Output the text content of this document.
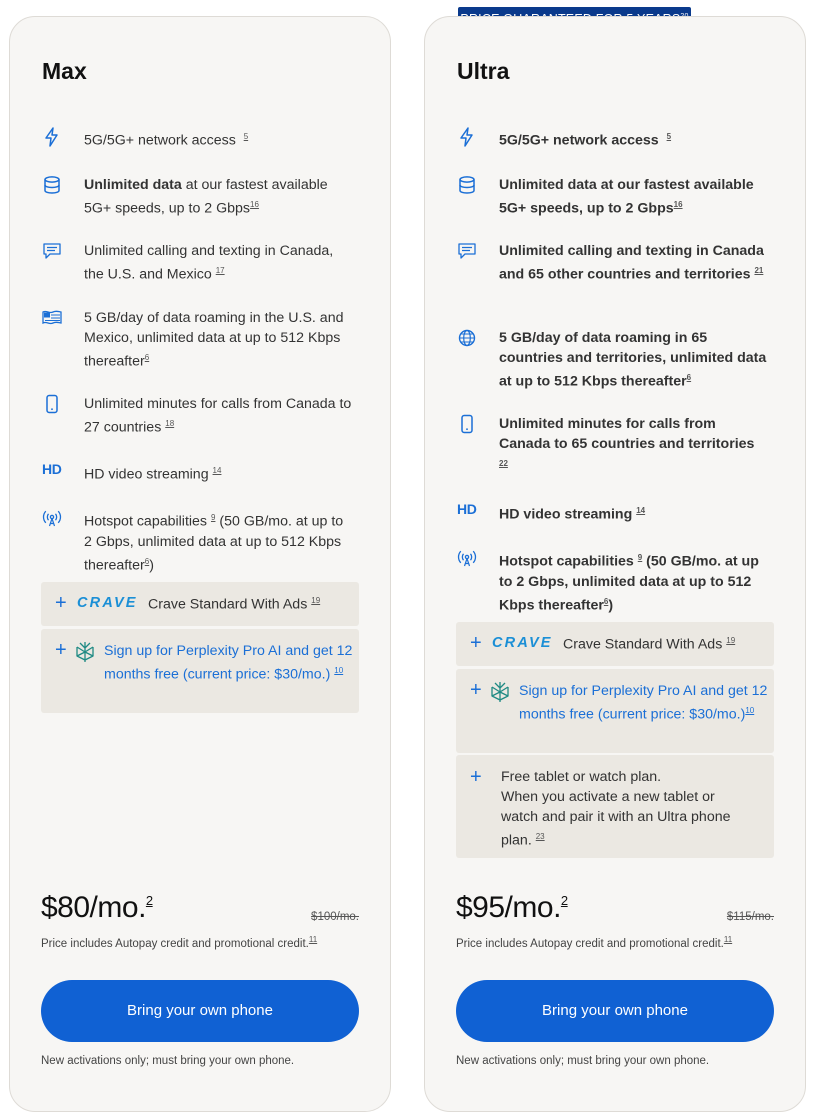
Max
5G/5G+ network access $^5$
Unlimited data at our fastest available 5G+ speeds, up to 2 Gbps$^{16}$
Unlimited calling and texting in Canada, the U.S. and Mexico $^{17}$
5 GB/day of data roaming in the U.S. and Mexico, unlimited data at up to 512 Kbps thereafter$^6$
Unlimited minutes for calls from Canada to 27 countries $^{18}$
HD HD video streaming $^{14}$
Hotspot capabilities $^9$ (50 GB/mo. at up to 2 Gbps, unlimited data at up to 512 Kbps thereafter$^6$)
+ CRAVE Crave Standard With Ads $^{19}$
+	Sign up for Perplexity Pro AI and get 12 months free (current price: $30/mo.) $^{10}$
$80/mo.$^2$
$100/mo.
Price includes Autopay credit and promotional credit.$^{11}$
Bring your own phone
New activations only; must bring your own phone.
Ultra
5G/5G+ network access $^5$
Unlimited data at our fastest available 5G+ speeds, up to 2 Gbps$^{16}$
Unlimited calling and texting in Canada and 65 other countries and territories $^{21}$
5 GB/day of data roaming in 65 countries and territories, unlimited data at up to 512 Kbps thereafter$^6$
Unlimited minutes for calls from Canada to 65 countries and territories $^{22}$
HD HD video streaming $^{14}$
Hotspot capabilities $^9$ (50 GB/mo. at up to 2 Gbps, unlimited data at up to 512 Kbps thereafter$^6$)
+ CRAVE Crave Standard With Ads $^{19}$
+	Sign up for Perplexity Pro AI and get 12 months free (current price: $30/mo.)$^{10}$
+ Free tablet or watch plan.
When you activate a new tablet or watch and pair it with an Ultra phone plan. $^{23}$
$95/mo.$^2$
$115/mo.
Price includes Autopay credit and promotional credit.$^{11}$
Bring your own phone
New activations only; must bring your own phone.
